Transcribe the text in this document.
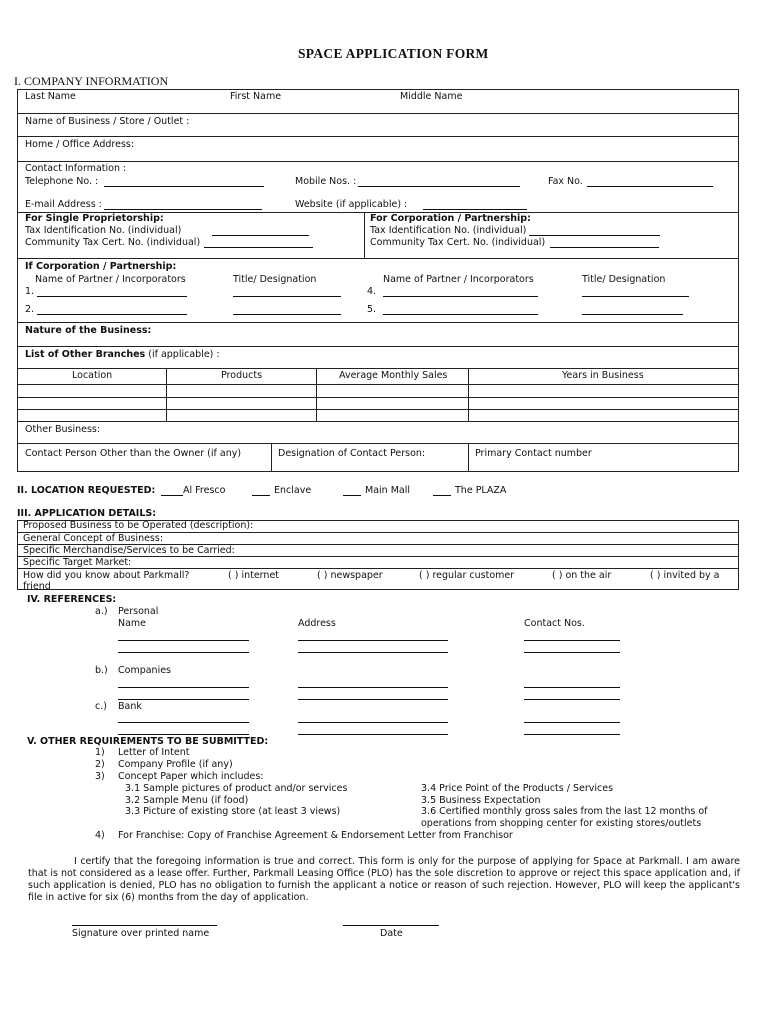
SPACE APPLICATION FORM
I. COMPANY INFORMATION
Last Name	First Name	Middle Name
Name of Business / Store / Outlet :
Home / Office Address:
Contact Information :
Telephone No. :	Mobile Nos. :	Fax No.
E-mail Address :	Website (if applicable) :
For Single Proprietorship:
Tax Identification No. (individual)
Community Tax Cert. No. (individual)
For Corporation / Partnership:
Tax Identification No. (individual)
Community Tax Cert. No. (individual)
If Corporation / Partnership:
Name of Partner / Incorporators	Title/ Designation	Name of Partner / Incorporators	Title/ Designation
1.	4.
2.	5.
Nature of the Business:
List of Other Branches (if applicable) :
Location	Products	Average Monthly Sales	Years in Business
Other Business:
Contact Person Other than the Owner (if any)	Designation of Contact Person:	Primary Contact number
II. LOCATION REQUESTED:	Al Fresco	Enclave	Main Mall	The PLAZA
III. APPLICATION DETAILS:
Proposed Business to be Operated (description):
General Concept of Business:
Specific Merchandise/Services to be Carried:
Specific Target Market:
How did you know about Parkmall?	( ) internet	( ) newspaper	( ) regular customer	( ) on the air	( ) invited by a
friend
IV. REFERENCES:
a.) Personal
Name	Address	Contact Nos.
b.) Companies
c.) Bank
V. OTHER REQUIREMENTS TO BE SUBMITTED:
1) Letter of Intent
2) Company Profile (if any)
3) Concept Paper which includes:
3.1 Sample pictures of product and/or services
3.2 Sample Menu (if food)
3.3 Picture of existing store (at least 3 views)
3.4 Price Point of the Products / Services
3.5 Business Expectation
3.6 Certified monthly gross sales from the last 12 months of
operations from shopping center for existing stores/outlets
4) For Franchise: Copy of Franchise Agreement & Endorsement Letter from Franchisor
I certify that the foregoing information is true and correct. This form is only for the purpose of applying for Space at Parkmall. I am aware that is not considered as a lease offer. Further, Parkmall Leasing Office (PLO) has the sole discretion to approve or reject this space application and, if such application is denied, PLO has no obligation to furnish the applicant a notice or reason of such rejection. However, PLO will keep the applicant's file in active for six (6) months from the day of application.
Signature over printed name	Date
